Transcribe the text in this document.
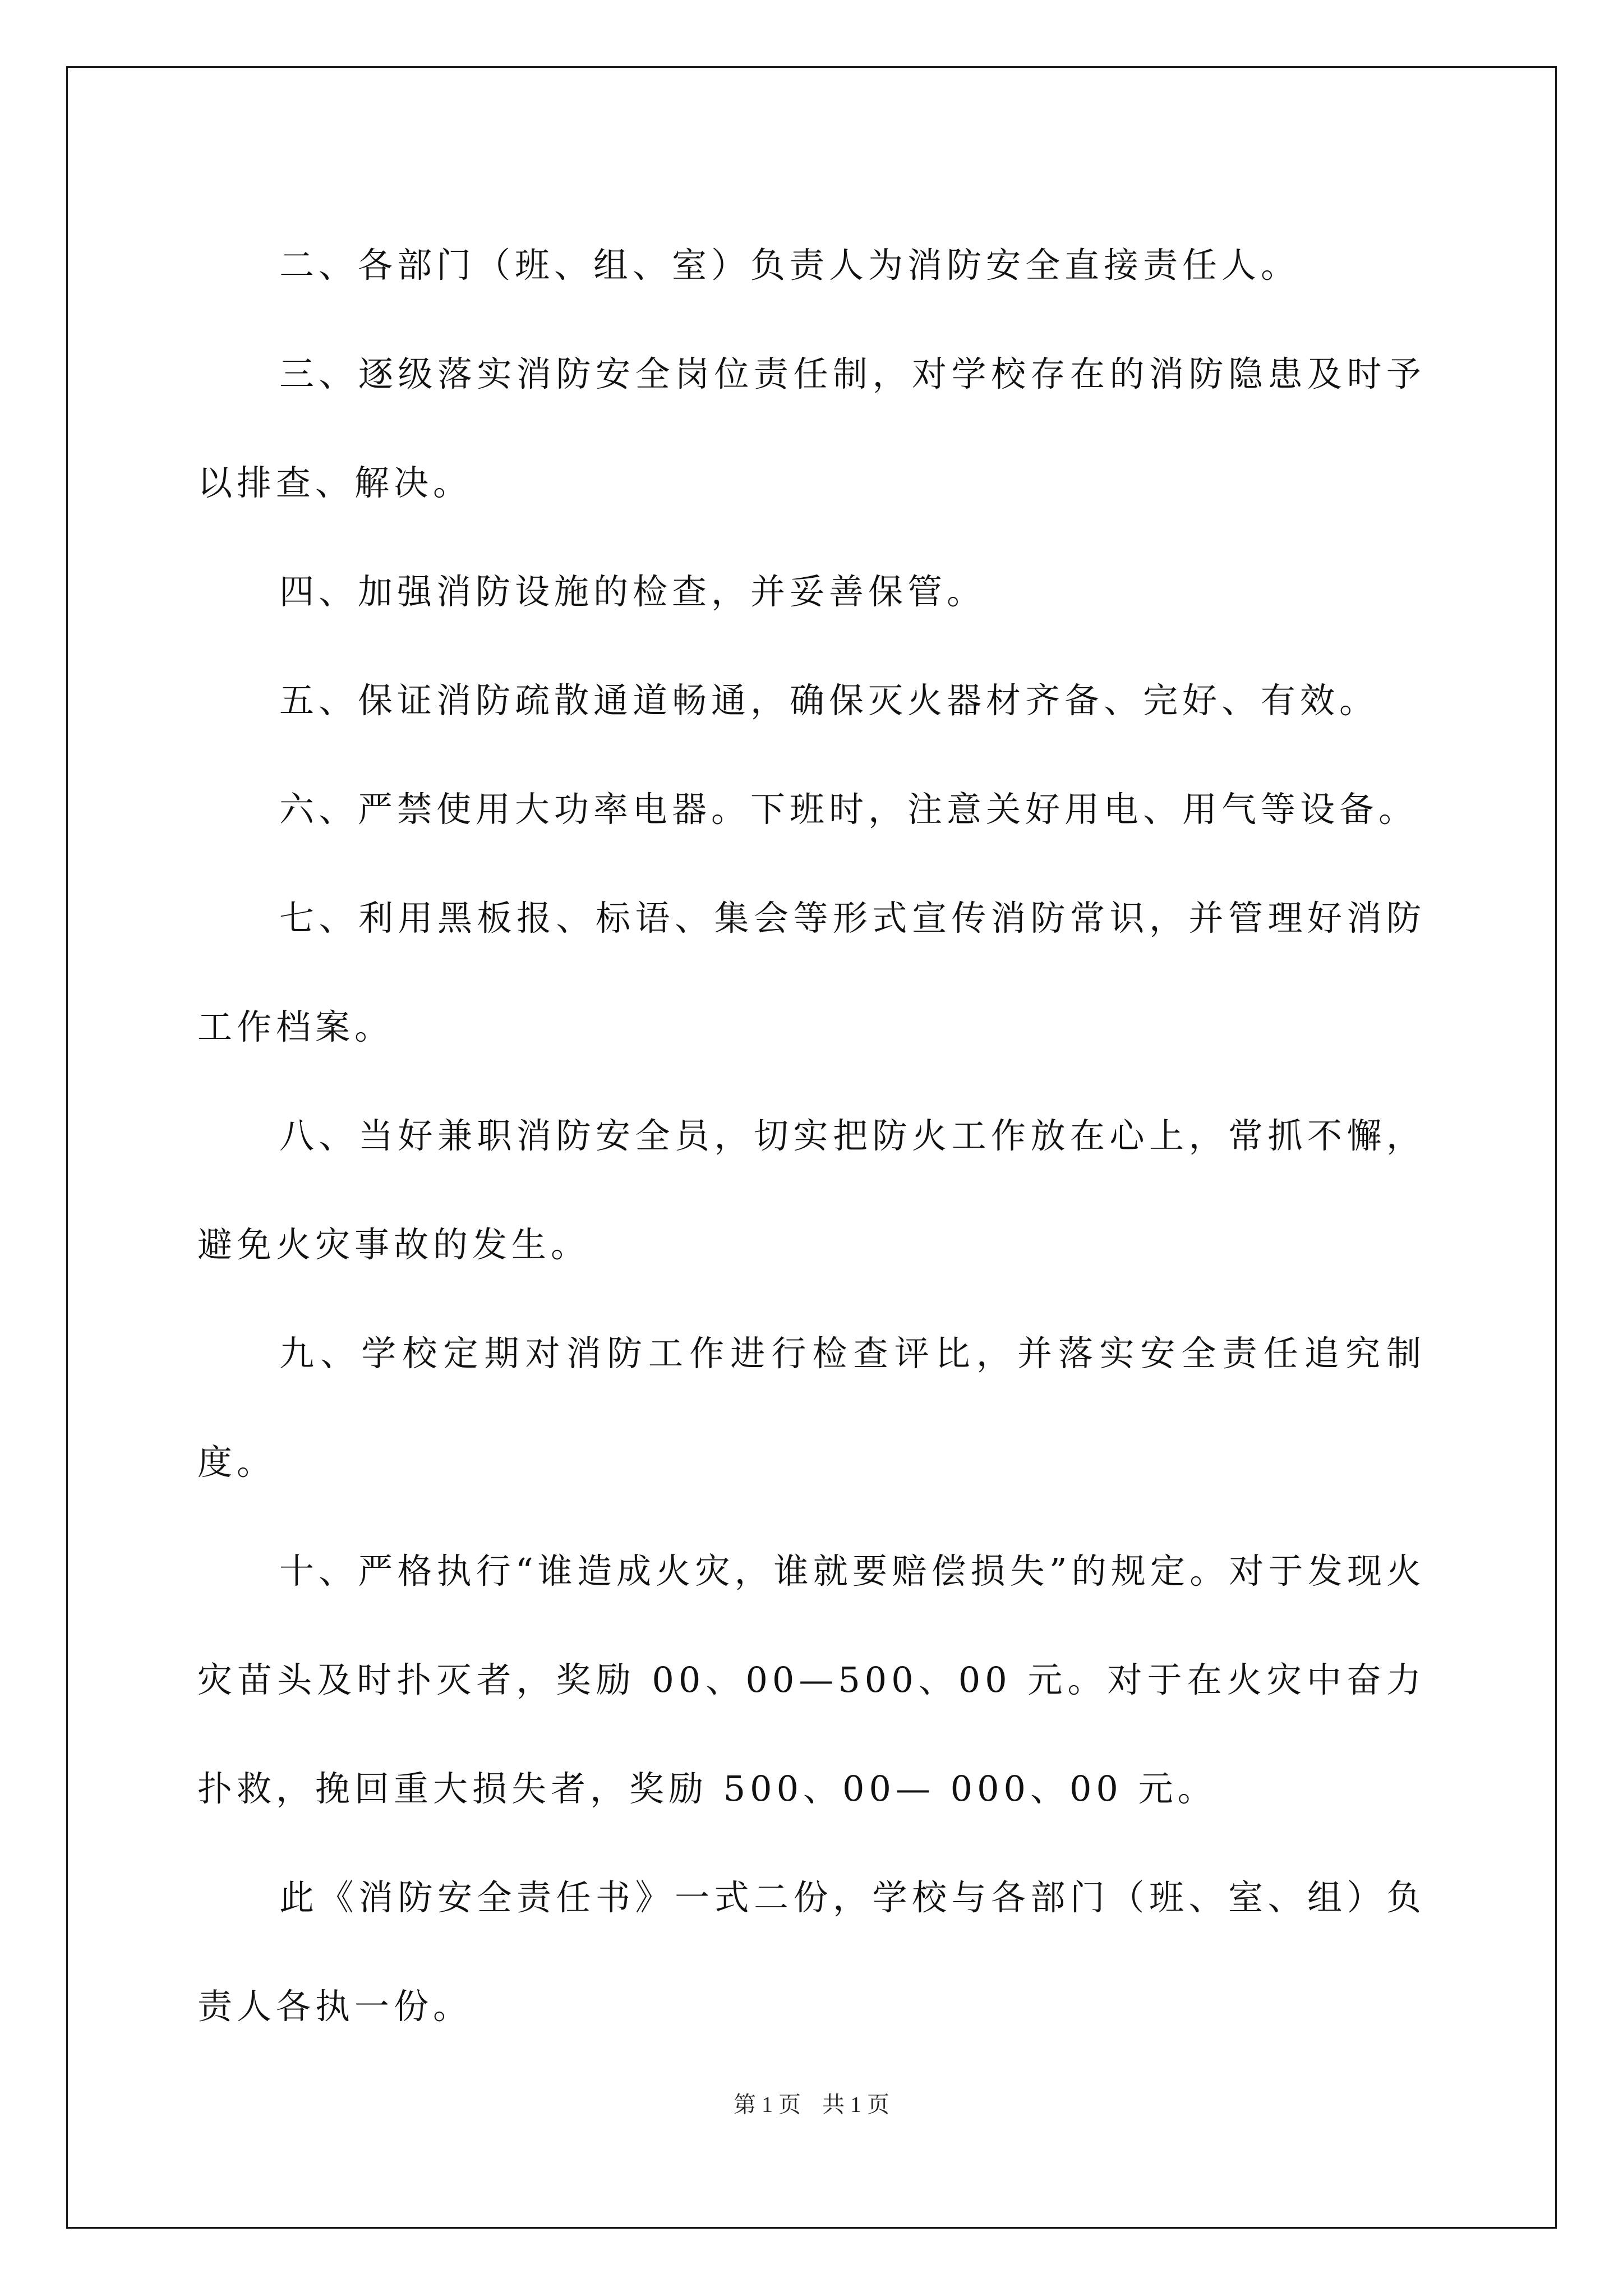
二、各部门（班、组、室）负责人为消防安全直接责任人。

三、逐级落实消防安全岗位责任制，对学校存在的消防隐患及时予以排查、解决。

四、加强消防设施的检查，并妥善保管。

五、保证消防疏散通道畅通，确保灭火器材齐备、完好、有效。

六、严禁使用大功率电器。下班时，注意关好用电、用气等设备。

七、利用黑板报、标语、集会等形式宣传消防常识，并管理好消防工作档案。

八、当好兼职消防安全员，切实把防火工作放在心上，常抓不懈，避免火灾事故的发生。

九、学校定期对消防工作进行检查评比，并落实安全责任追究制度。

十、严格执行“谁造成火灾，谁就要赔偿损失”的规定。对于发现火灾苗头及时扑灭者，奖励 00、00—500、00 元。对于在火灾中奋力扑救，挽回重大损失者，奖励 500、00— 000、00 元。

此《消防安全责任书》一式二份，学校与各部门（班、室、组）负责人各执一份。

第 1 页 共 1 页
